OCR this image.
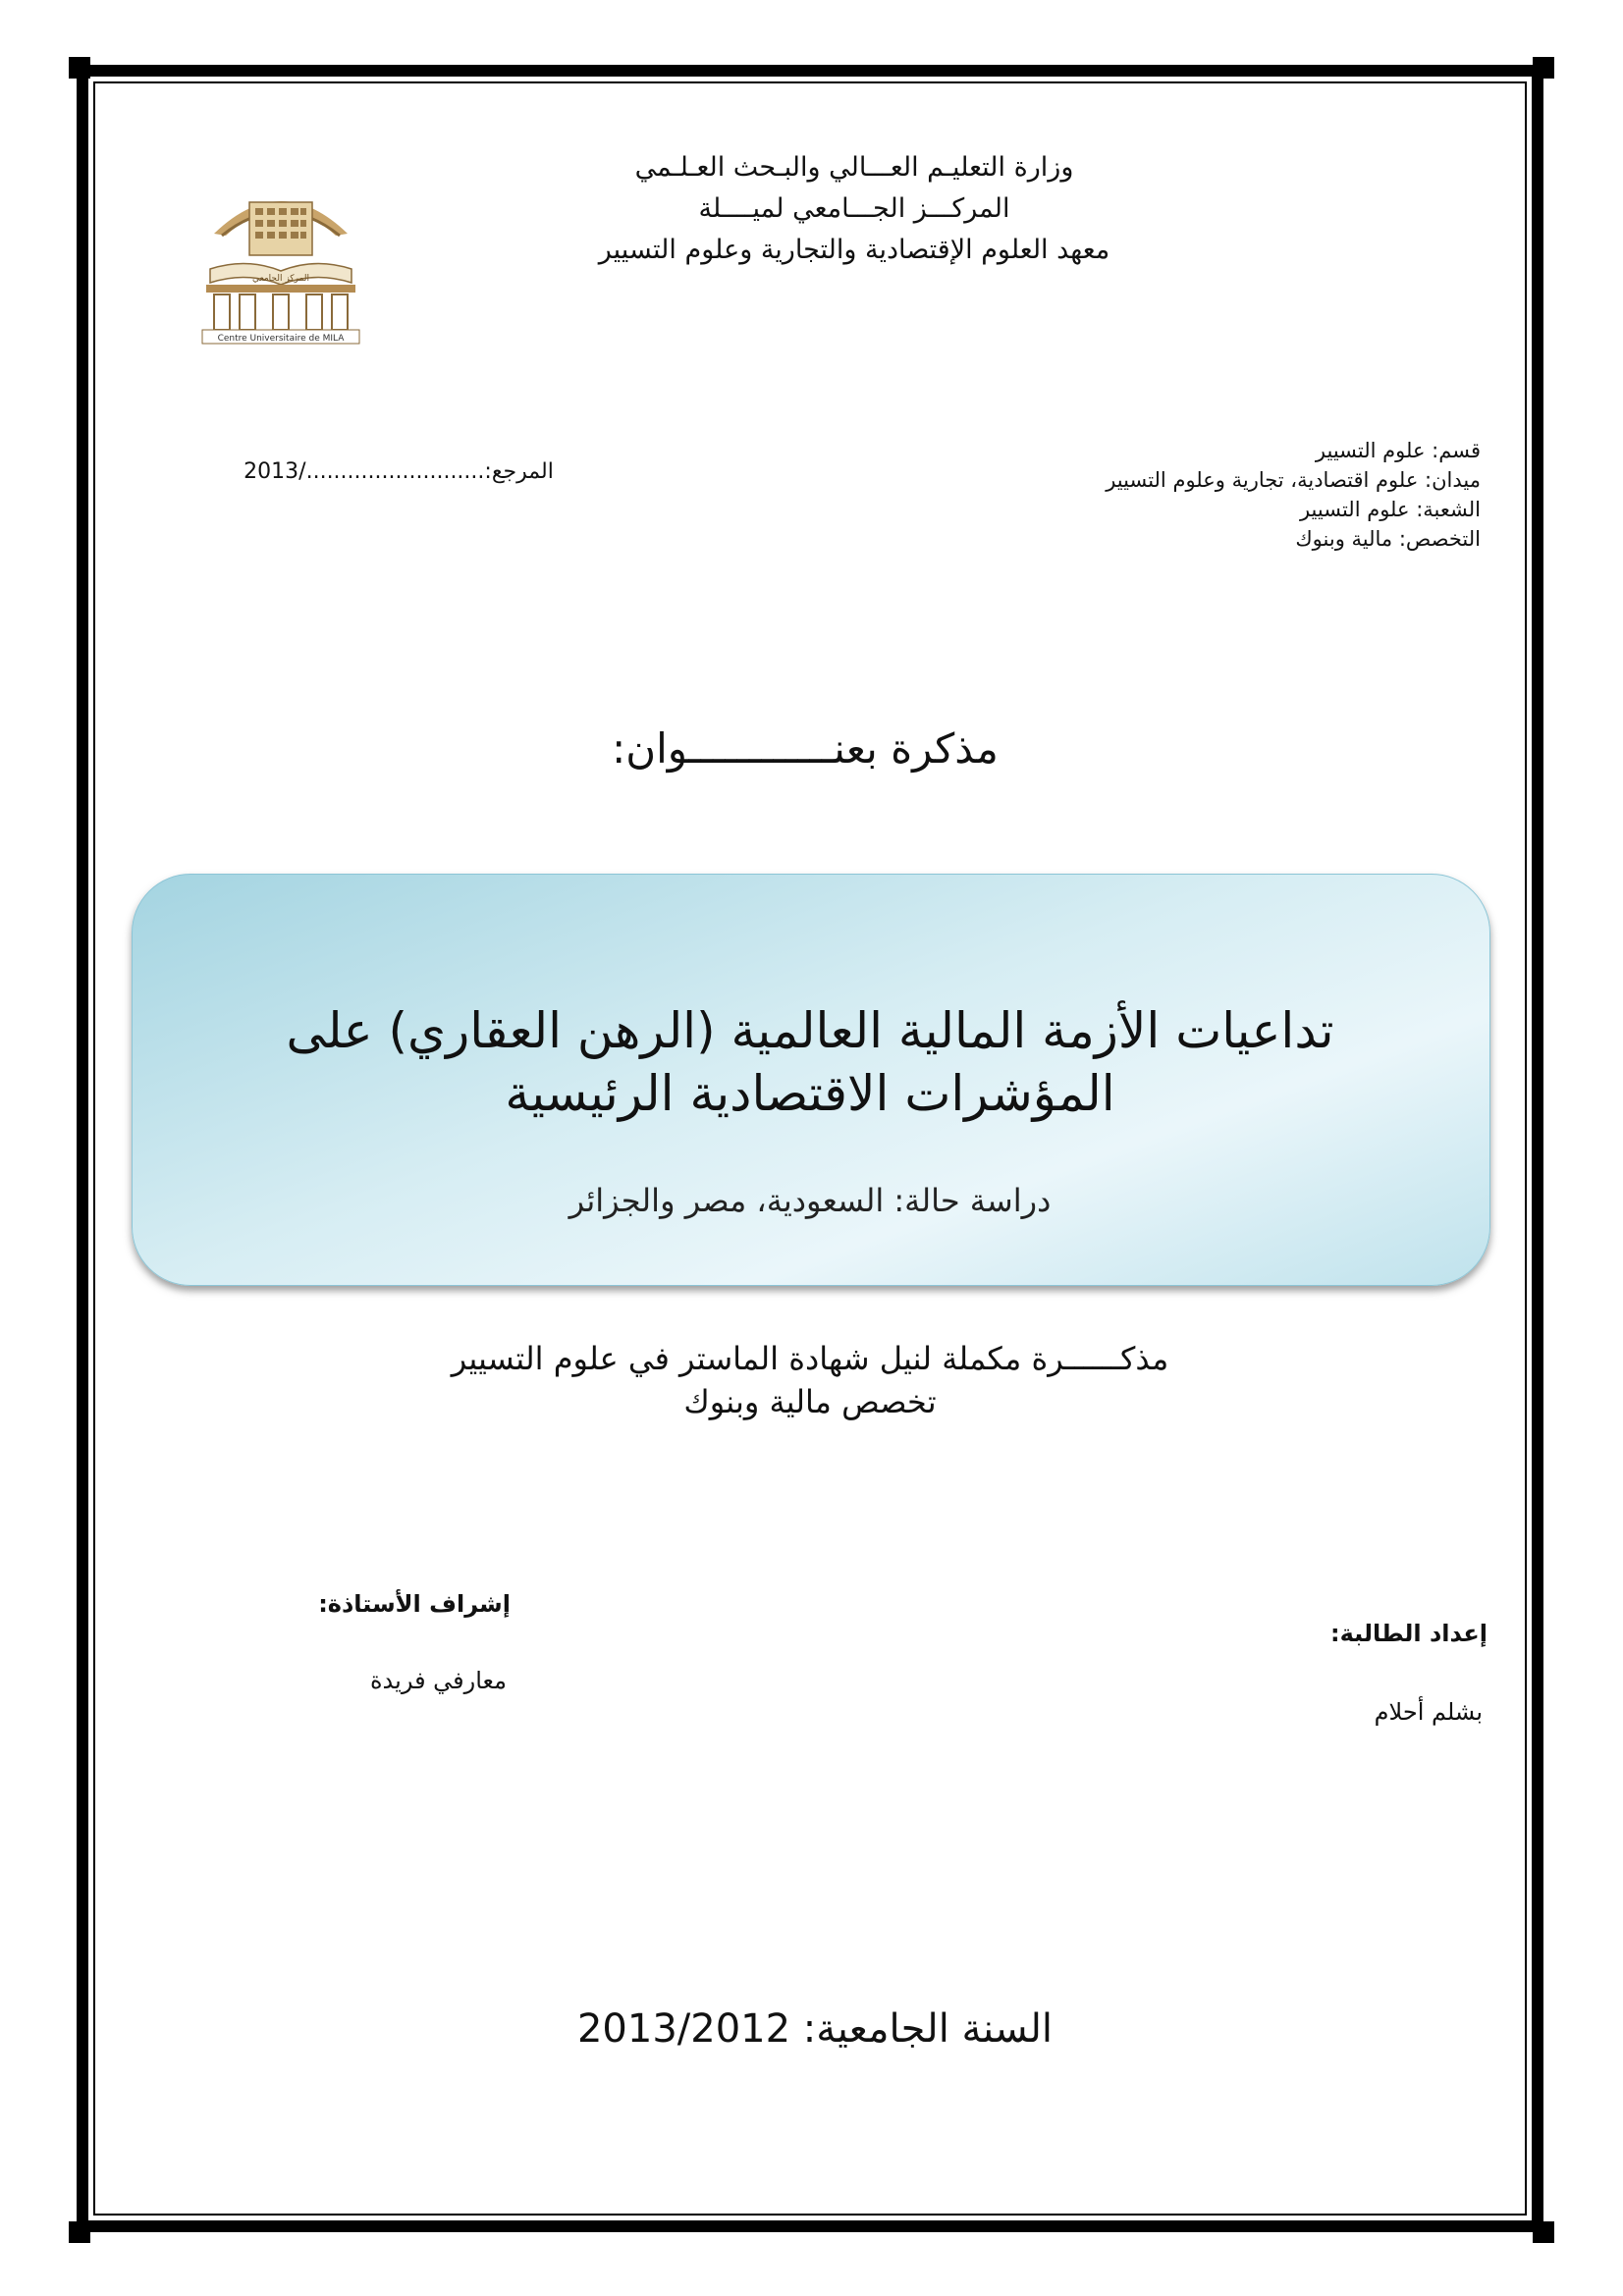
المركز الجامعي
Centre Universitaire de MILA
وزارة التعليـم العـــالي والبـحث العـلـمي
المركـــز الجـــامعي لميــــلة
معهد العلوم الإقتصادية والتجارية وعلوم التسيير
المرجع:........................../2013
قسم: علوم التسيير
ميدان: علوم اقتصادية، تجارية وعلوم التسيير
الشعبة: علوم التسيير
التخصص: مالية وبنوك
مذكرة بعنــــــــــــوان:
تداعيات الأزمة المالية العالمية (الرهن العقاري) على المؤشرات الاقتصادية الرئيسية
دراسة حالة: السعودية، مصر والجزائر
مذكــــــرة مكملة لنيل شهادة الماستر في علوم التسيير
تخصص مالية وبنوك
إشراف الأستاذة:
معارفي فريدة
إعداد الطالبة:
بشلم أحلام
السنة الجامعية: 2013/2012
